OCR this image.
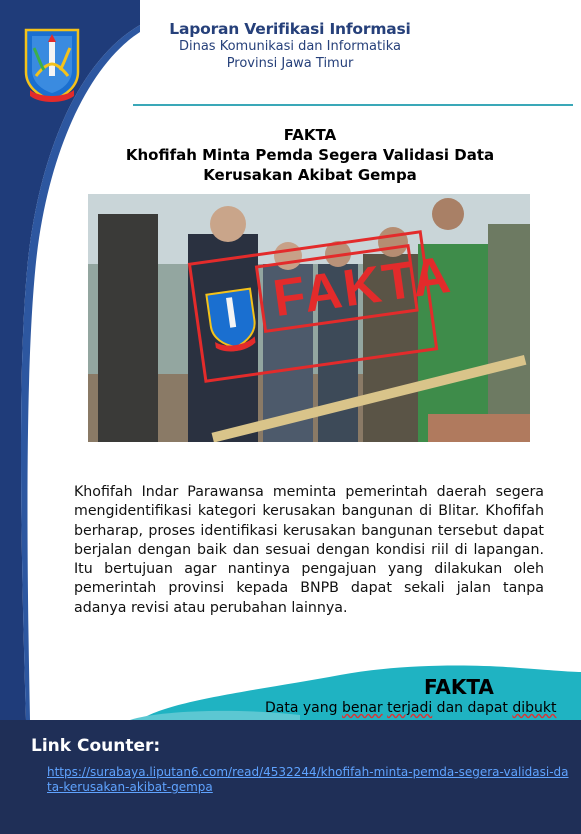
Laporan Verifikasi Informasi
Dinas Komunikasi dan Informatika
Provinsi Jawa Timur
FAKTA
Khofifah Minta Pemda Segera Validasi Data
Kerusakan Akibat Gempa
FAKTA
Khofifah Indar Parawansa meminta pemerintah daerah segera mengidentifikasi kategori kerusakan bangunan di Blitar. Khofifah berharap, proses identifikasi kerusakan bangunan tersebut dapat berjalan dengan baik dan sesuai dengan kondisi riil di lapangan. Itu bertujuan agar nantinya pengajuan yang dilakukan oleh pemerintah provinsi kepada BNPB dapat sekali jalan tanpa adanya revisi atau perubahan lainnya.
FAKTA
Data yang benar terjadi dan dapat dibukt
Link Counter:
https://surabaya.liputan6.com/read/4532244/khofifah-minta-pemda-segera-validasi-data-kerusakan-akibat-gempa
